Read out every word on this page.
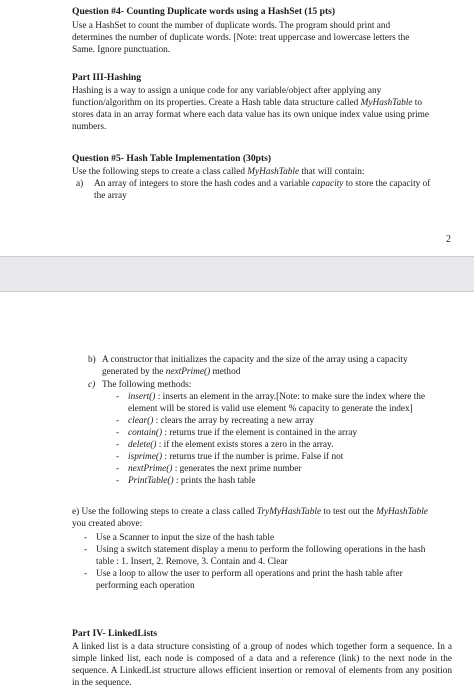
Question #4- Counting Duplicate words using a HashSet (15 pts)
Use a HashSet to count the number of duplicate words. The program should print and determines the number of duplicate words. [Note: treat uppercase and lowercase letters the Same. Ignore punctuation.
Part III-Hashing
Hashing is a way to assign a unique code for any variable/object after applying any function/algorithm on its properties. Create a Hash table data structure called MyHashTable to stores data in an array format where each data value has its own unique index value using prime numbers.
Question #5- Hash Table Implementation (30pts)
Use the following steps to create a class called MyHashTable that will contain:
a)	An array of integers to store the hash codes and a variable capacity to store the capacity of the array
2
b) A constructor that initializes the capacity and the size of the array using a capacity generated by the nextPrime() method
c) The following methods:
- insert() : inserts an element in the array.[Note: to make sure the index where the element will be stored is valid use element % capacity to generate the index]
- clear() : clears the array by recreating a new array
- contain() : returns true if the element is contained in the array
- delete() : if the element exists stores a zero in the array.
- isprime() : returns true if the number is prime. False if not
- nextPrime() : generates the next prime number
- PrintTable() : prints the hash table
e) Use the following steps to create a class called TryMyHashTable to test out the MyHashTable you created above:
- Use a Scanner to input the size of the hash table
- Using a switch statement display a menu to perform the following operations in the hash table : 1. Insert, 2. Remove, 3. Contain and 4. Clear
- Use a loop to allow the user to perform all operations and print the hash table after performing each operation
Part IV- LinkedLists
A linked list is a data structure consisting of a group of nodes which together form a sequence. In a simple linked list, each node is composed of a data and a reference (link) to the next node in the sequence. A LinkedList structure allows efficient insertion or removal of elements from any position in the sequence.
